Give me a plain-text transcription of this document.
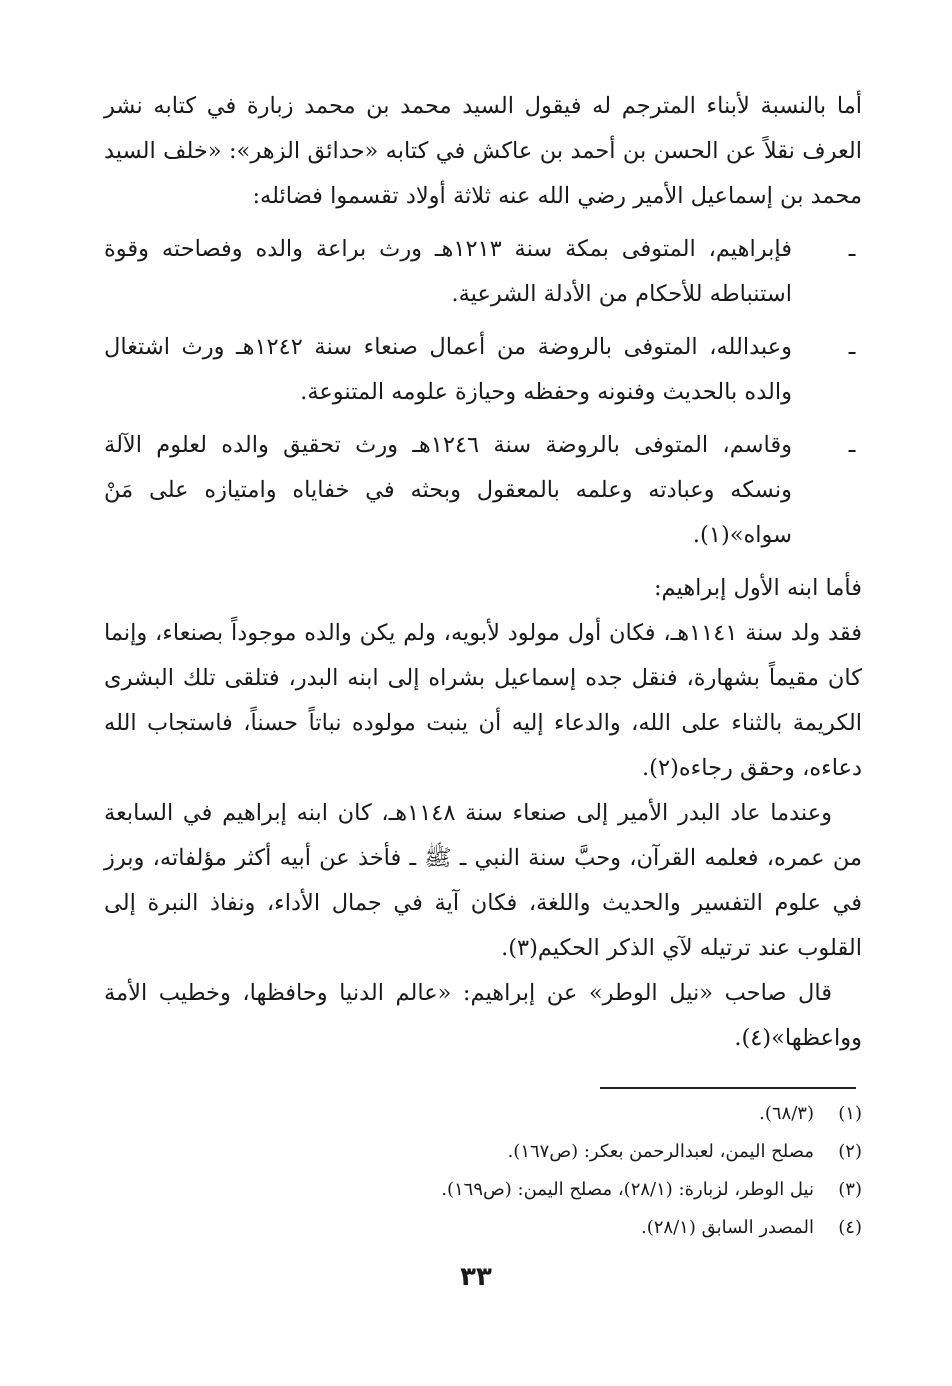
أما بالنسبة لأبناء المترجم له فيقول السيد محمد بن محمد زبارة في كتابه نشر العرف نقلاً عن الحسن بن أحمد بن عاكش في كتابه «حدائق الزهر»: «خلف السيد محمد بن إسماعيل الأمير رضي الله عنه ثلاثة أولاد تقسموا فضائله:

ـ
فإبراهيم، المتوفى بمكة سنة ١٢١٣هـ ورث براعة والده وفصاحته وقوة استنباطه للأحكام من الأدلة الشرعية.
ـ
وعبدالله، المتوفى بالروضة من أعمال صنعاء سنة ١٢٤٢هـ ورث اشتغال والده بالحديث وفنونه وحفظه وحيازة علومه المتنوعة.
ـ
وقاسم، المتوفى بالروضة سنة ١٢٤٦هـ ورث تحقيق والده لعلوم الآلة ونسكه وعبادته وعلمه بالمعقول وبحثه في خفاياه وامتيازه على مَنْ سواه»(١).

فأما ابنه الأول إبراهيم:

فقد ولد سنة ١١٤١هـ، فكان أول مولود لأبويه، ولم يكن والده موجوداً بصنعاء، وإنما كان مقيماً بشهارة، فنقل جده إسماعيل بشراه إلى ابنه البدر، فتلقى تلك البشرى الكريمة بالثناء على الله، والدعاء إليه أن ينبت مولوده نباتاً حسناً، فاستجاب الله دعاءه، وحقق رجاءه(٢).

وعندما عاد البدر الأمير إلى صنعاء سنة ١١٤٨هـ، كان ابنه إبراهيم في السابعة من عمره، فعلمه القرآن، وحبَّ سنة النبي ـ ﷺ ـ فأخذ عن أبيه أكثر مؤلفاته، وبرز في علوم التفسير والحديث واللغة، فكان آية في جمال الأداء، ونفاذ النبرة إلى القلوب عند ترتيله لآي الذكر الحكيم(٣).

قال صاحب «نيل الوطر» عن إبراهيم: «عالم الدنيا وحافظها، وخطيب الأمة وواعظها»(٤).

(١)(٦٨/٣).
(٢)مصلح اليمن، لعبدالرحمن بعكر: (ص١٦٧).
(٣)نيل الوطر، لزبارة: (٢٨/١)، مصلح اليمن: (ص١٦٩).
(٤)المصدر السابق (٢٨/١).
٣٣
